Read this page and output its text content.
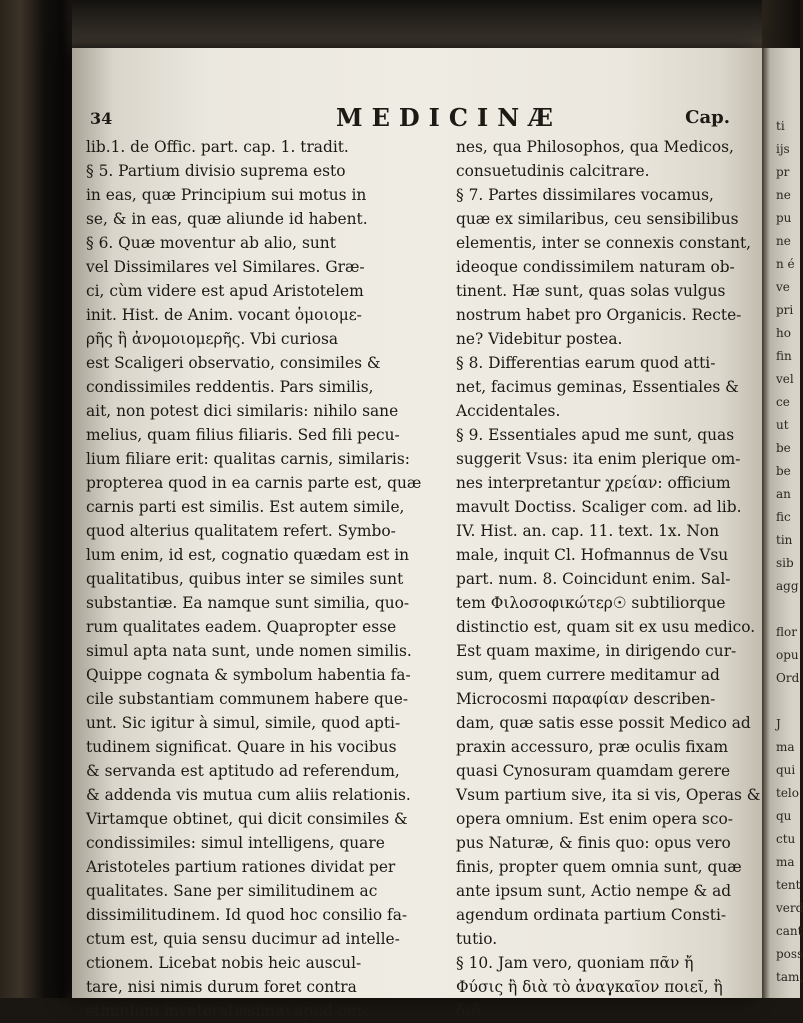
ti
ijs
pr
ne
pu
ne
n é
ve
pri
ho
fin
vel
ce
ut
be
be
an
fic
tin
sib
agg
flor
opu
Ord
J
ma
qui
telo
qu
ctu
ma
tent
verd
cant
poss
tam,
34	MEDICINÆ	Cap.
lib.1. de Offic. part. cap. 1. tradit.
§ 5. Partium divisio suprema esto
in eas, quæ Principium sui motus in
se, & in eas, quæ aliunde id habent.
§ 6. Quæ moventur ab alio, sunt
vel Dissimilares vel Similares. Græ-
ci, cùm videre est apud Aristotelem
init. Hist. de Anim. vocant ὁμοιομε-
ρῆς ἢ ἀνομοιομερῆς. Vbi curiosa
est Scaligeri observatio, consimiles &
condissimiles reddentis. Pars similis,
ait, non potest dici similaris: nihilo sane
melius, quam filius filiaris. Sed fili pecu-
lium filiare erit: qualitas carnis, similaris:
propterea quod in ea carnis parte est, quæ
carnis parti est similis. Est autem simile,
quod alterius qualitatem refert. Symbo-
lum enim, id est, cognatio quædam est in
qualitatibus, quibus inter se similes sunt
substantiæ. Ea namque sunt similia, quo-
rum qualitates eadem. Quapropter esse
simul apta nata sunt, unde nomen similis.
Quippe cognata & symbolum habentia fa-
cile substantiam communem habere que-
unt. Sic igitur à simul, simile, quod apti-
tudinem significat. Quare in his vocibus
& servanda est aptitudo ad referendum,
& addenda vis mutua cum aliis relationis.
Virtamque obtinet, qui dicit consimiles &
condissimiles: simul intelligens, quare
Aristoteles partium rationes dividat per
qualitates. Sane per similitudinem ac
dissimilitudinem. Id quod hoc consilio fa-
ctum est, quia sensu ducimur ad intelle-
ctionem. Licebat nobis heic auscul-
tare, nisi nimis durum foret contra
stimulum inveteratissimæ apud om-
nes, qua Philosophos, qua Medicos,
consuetudinis calcitrare.
§ 7. Partes dissimilares vocamus,
quæ ex similaribus, ceu sensibilibus
elementis, inter se connexis constant,
ideoque condissimilem naturam ob-
tinent. Hæ sunt, quas solas vulgus
nostrum habet pro Organicis. Recte-
ne? Videbitur postea.
§ 8. Differentias earum quod atti-
net, facimus geminas, Essentiales &
Accidentales.
§ 9. Essentiales apud me sunt, quas
suggerit Vsus: ita enim plerique om-
nes interpretantur χρείαν: officium
mavult Doctiss. Scaliger com. ad lib.
IV. Hist. an. cap. 11. text. 1x. Non
male, inquit Cl. Hofmannus de Vsu
part. num. 8. Coincidunt enim. Sal-
tem Φιλοσοφικώτερ☉ subtiliorque
distinctio est, quam sit ex usu medico.
Est quam maxime, in dirigendo cur-
sum, quem currere meditamur ad
Microcosmi παραφίαν describen-
dam, quæ satis esse possit Medico ad
praxin accessuro, præ oculis fixam
quasi Cynosuram quamdam gerere
Vsum partium sive, ita si vis, Operas &
opera omnium. Est enim opera sco-
pus Naturæ, & finis quo: opus vero
finis, propter quem omnia sunt, quæ
ante ipsum sunt, Actio nempe & ad
agendum ordinata partium Consti-
tutio.
§ 10. Jam vero, quoniam πᾶν ἤ
Φύσις ἢ διὰ τὸ ἀναγκαῖον ποιεῖ, ἢ
διὰ
